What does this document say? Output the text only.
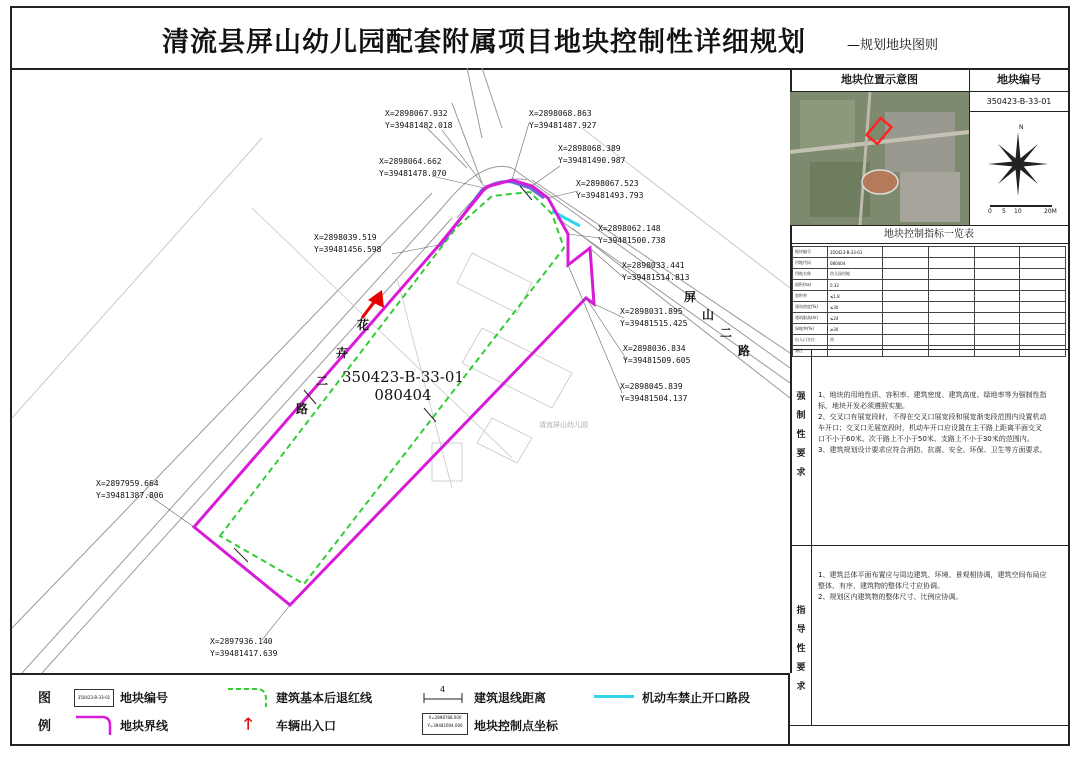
清流县屏山幼儿园配套附属项目地块控制性详细规划	—规划地块图则
X=2898067.932
Y=39481482.018
X=2898068.863
Y=39481487.927
X=2898064.662
Y=39481478.070
X=2898068.389
Y=39481490.987
X=2898067.523
Y=39481493.793
X=2898062.148
Y=39481500.738
X=2898039.519
Y=39481456.598
X=2898033.441
Y=39481514.813
X=2898031.895
Y=39481515.425
X=2898036.834
Y=39481509.605
X=2898045.839
Y=39481504.137
X=2897959.664
Y=39481387.806
X=2897936.140
Y=39481417.639
350423-B-33-01
080404
清流屏山幼儿园
花
卉
二
路
屏
山
二
路
地块位置示意图	地块编号
350423-B-33-01
N
0 5 10	20M
地块控制指标一览表
地块编号	350423-B-33-01				
用地代码	080404				
用地名称	幼儿园用地				
面积(ha)	0.32				
容积率	≤1.8				
建筑密度(%)	≤30				
建筑限高(m)	≤24				
绿地率(%)	≥30				
出入口方位	西				
备注					
强
制
性
要
求
1、地块的用地性质、容积率、建筑密度、建筑高度、绿地率等为强制性指
标，地块开发必须遵照实施。
2、交叉口有展宽段时，不得在交叉口展宽段和展宽渐变段范围内设置机动
车开口；交叉口无展宽段时，机动车开口应设置在主干路上距离平面交叉
口不小于60米、次干路上不小于50米、支路上不小于30米的范围内。
3、建筑规划设计要求应符合消防、抗震、安全、环保、卫生等方面要求。
指
导
性
要
求
1、建筑总体平面布置应与周边建筑、环境、景观相协调，建筑空间布局应
整体、有序，建筑物的整体尺寸应协调。
2、规划区内建筑物的整体尺寸、比例应协调。
图
例
350423-B-33-01 地块编号
地块界线
建筑基本后退红线
🡑 车辆出入口
4
建筑退线距离
X=2898788.000
Y=39481694.000 地块控制点坐标
机动车禁止开口路段
